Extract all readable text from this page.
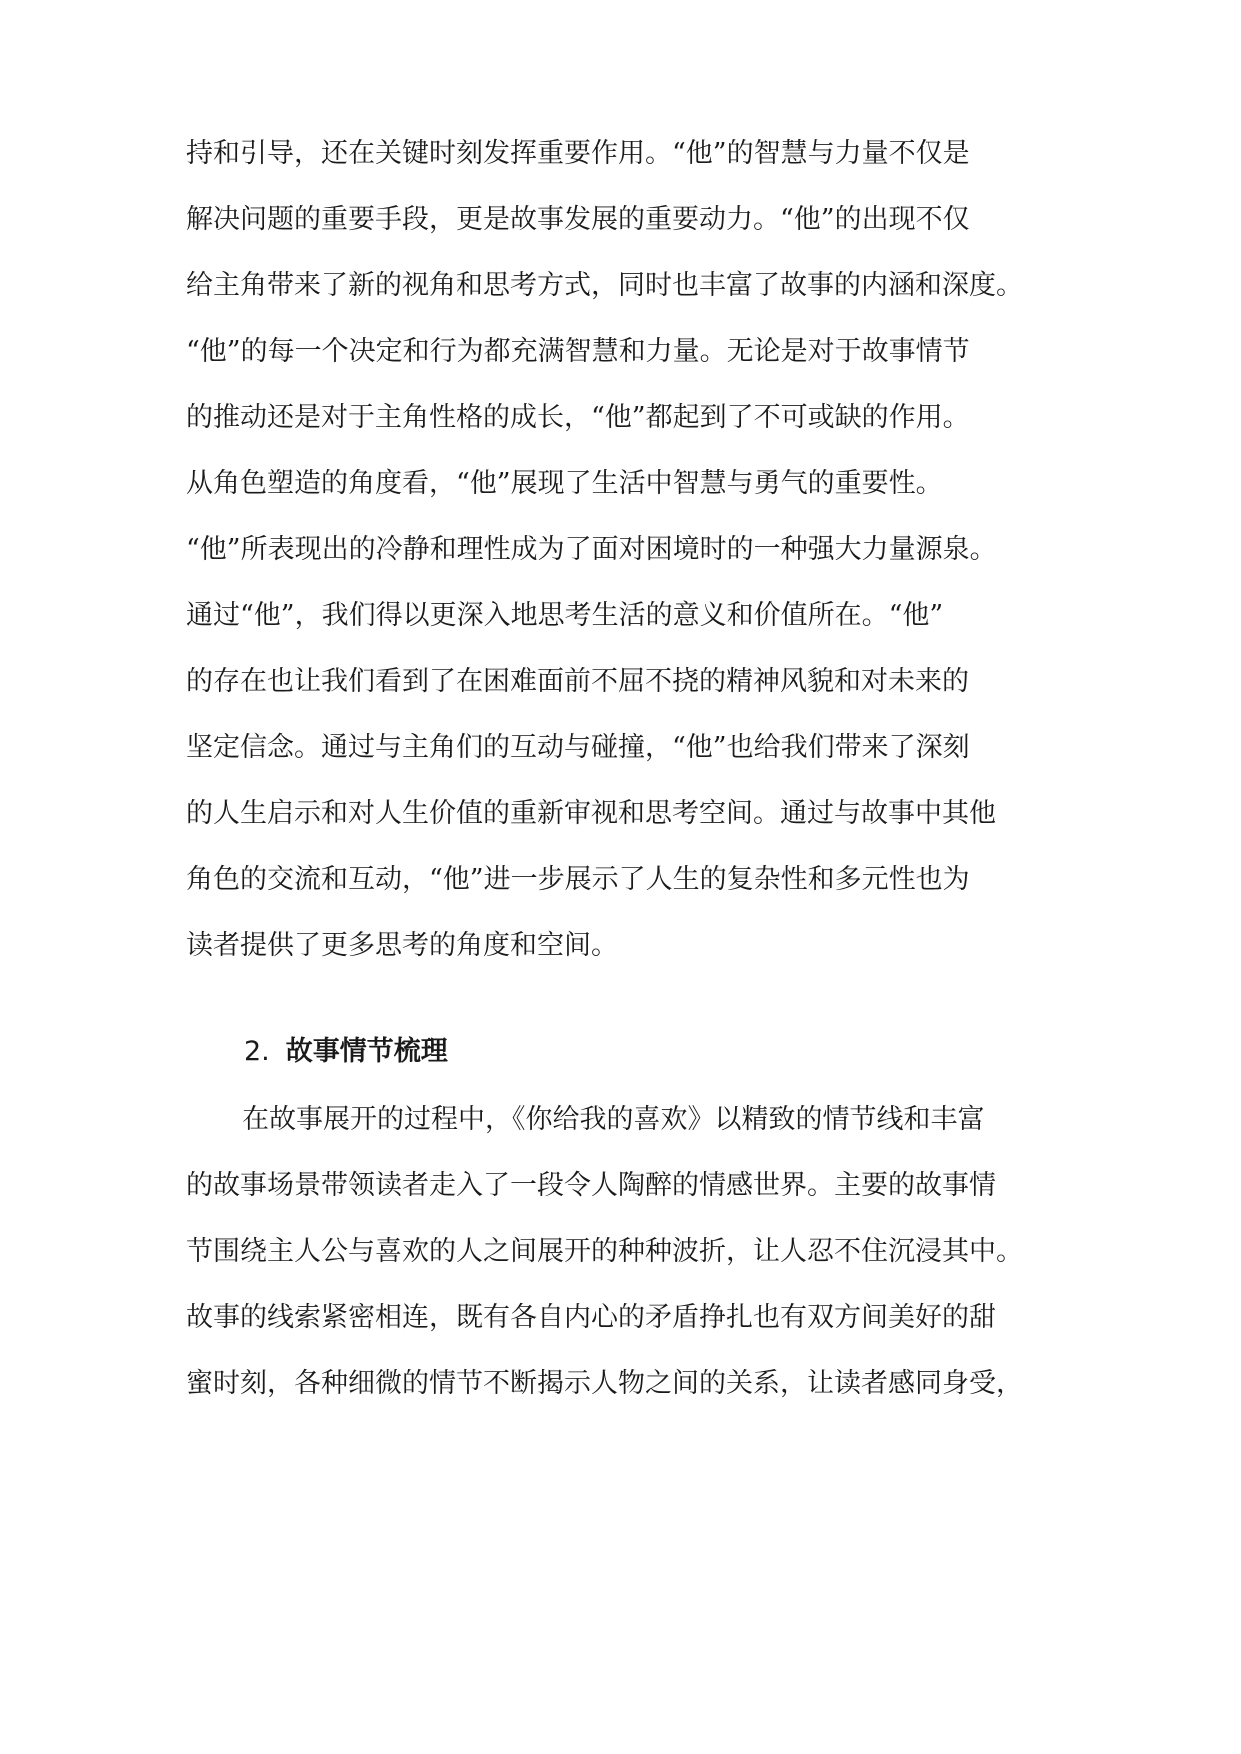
持和引导，还在关键时刻发挥重要作用。“他”的智慧与力量不仅是
解决问题的重要手段，更是故事发展的重要动力。“他”的出现不仅
给主角带来了新的视角和思考方式，同时也丰富了故事的内涵和深度。
“他”的每一个决定和行为都充满智慧和力量。无论是对于故事情节
的推动还是对于主角性格的成长，“他”都起到了不可或缺的作用。
从角色塑造的角度看，“他”展现了生活中智慧与勇气的重要性。
“他”所表现出的冷静和理性成为了面对困境时的一种强大力量源泉。
通过“他”，我们得以更深入地思考生活的意义和价值所在。“他”
的存在也让我们看到了在困难面前不屈不挠的精神风貌和对未来的
坚定信念。通过与主角们的互动与碰撞，“他”也给我们带来了深刻
的人生启示和对人生价值的重新审视和思考空间。通过与故事中其他
角色的交流和互动，“他”进一步展示了人生的复杂性和多元性也为
读者提供了更多思考的角度和空间。
2. 故事情节梳理
在故事展开的过程中，《你给我的喜欢》以精致的情节线和丰富
的故事场景带领读者走入了一段令人陶醉的情感世界。主要的故事情
节围绕主人公与喜欢的人之间展开的种种波折，让人忍不住沉浸其中。
故事的线索紧密相连，既有各自内心的矛盾挣扎也有双方间美好的甜
蜜时刻，各种细微的情节不断揭示人物之间的关系，让读者感同身受，
